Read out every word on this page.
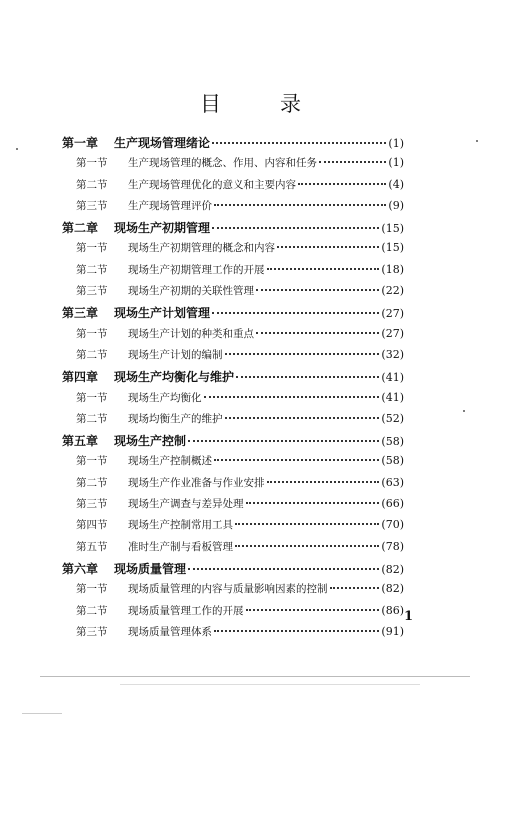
目	录
第一章	生产现场管理绪论	(1)
第一节	生产现场管理的概念、作用、内容和任务	(1)
第二节	生产现场管理优化的意义和主要内容	(4)
第三节	生产现场管理评价	(9)
第二章	现场生产初期管理	(15)
第一节	现场生产初期管理的概念和内容	(15)
第二节	现场生产初期管理工作的开展	(18)
第三节	现场生产初期的关联性管理	(22)
第三章	现场生产计划管理	(27)
第一节	现场生产计划的种类和重点	(27)
第二节	现场生产计划的编制	(32)
第四章	现场生产均衡化与维护	(41)
第一节	现场生产均衡化	(41)
第二节	现场均衡生产的维护	(52)
第五章	现场生产控制	(58)
第一节	现场生产控制概述	(58)
第二节	现场生产作业准备与作业安排	(63)
第三节	现场生产调查与差异处理	(66)
第四节	现场生产控制常用工具	(70)
第五节	准时生产制与看板管理	(78)
第六章	现场质量管理	(82)
第一节	现场质量管理的内容与质量影响因素的控制	(82)
第二节	现场质量管理工作的开展	(86)
第三节	现场质量管理体系	(91)
1
